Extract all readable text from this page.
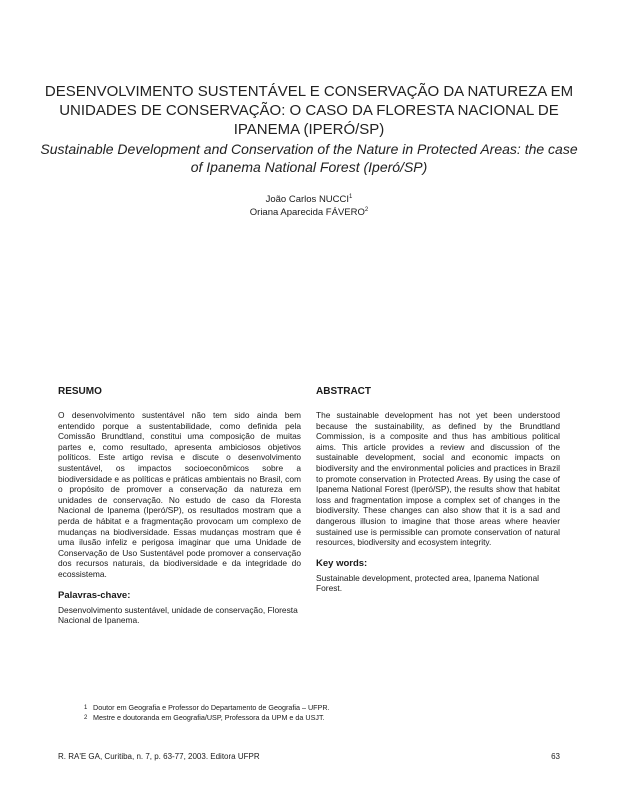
DESENVOLVIMENTO SUSTENTÁVEL E CONSERVAÇÃO DA NATUREZA EM UNIDADES DE CONSERVAÇÃO: O CASO DA FLORESTA NACIONAL DE IPANEMA (IPERÓ/SP)
Sustainable Development and Conservation of the Nature in Protected Areas: the case of Ipanema National Forest (Iperó/SP)
João Carlos NUCCI$^1$
Oriana Aparecida FÁVERO$^2$
RESUMO

O desenvolvimento sustentável não tem sido ainda bem entendido porque a sustentabilidade, como definida pela Comissão Brundtland, constitui uma composição de muitas partes e, como resultado, apresenta ambiciosos objetivos políticos. Este artigo revisa e discute o desenvolvimento sustentável, os impactos socioeconômicos sobre a biodiversidade e as políticas e práticas ambientais no Brasil, com o propósito de promover a conservação da natureza em unidades de conservação. No estudo de caso da Floresta Nacional de Ipanema (Iperó/SP), os resultados mostram que a perda de hábitat e a fragmentação provocam um complexo de mudanças na biodiversidade. Essas mudanças mostram que é uma ilusão infeliz e perigosa imaginar que uma Unidade de Conservação de Uso Sustentável pode promover a conservação dos recursos naturais, da biodiversidade e da integridade do ecossistema.

Palavras-chave:

Desenvolvimento sustentável, unidade de conservação, Floresta Nacional de Ipanema.

ABSTRACT

The sustainable development has not yet been understood because the sustainability, as defined by the Brundtland Commission, is a composite and thus has ambitious political aims. This article provides a review and discussion of the sustainable development, social and economic impacts on biodiversity and the environmental policies and practices in Brazil to promote conservation in Protected Areas. By using the case of Ipanema National Forest (Iperó/SP), the results show that habitat loss and fragmentation impose a complex set of changes in the biodiversity. These changes can also show that it is a sad and dangerous illusion to imagine that those areas where heavier sustained use is permissible can promote conservation of natural resources, biodiversity and ecosystem integrity.

Key words:

Sustainable development, protected area, Ipanema National Forest.

1 Doutor em Geografia e Professor do Departamento de Geografia – UFPR.
2 Mestre e doutoranda em Geografia/USP, Professora da UPM e da USJT.
R. RA'E GA, Curitiba, n. 7, p. 63-77, 2003. Editora UFPR	63
